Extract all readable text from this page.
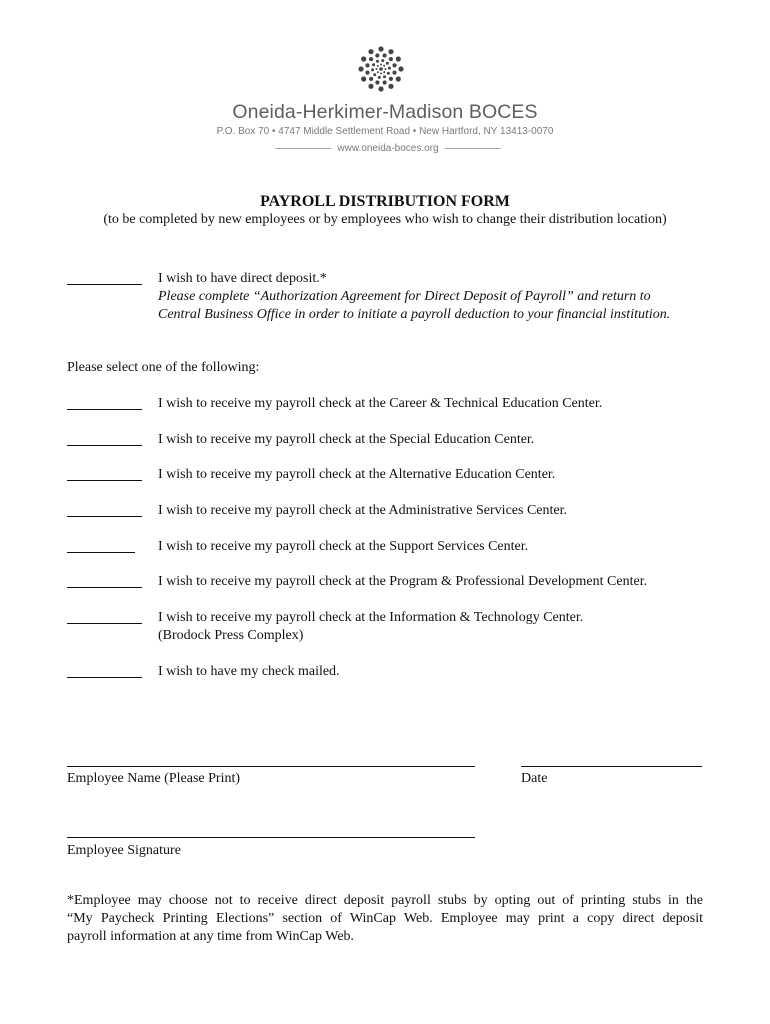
Oneida-Herkimer-Madison BOCES
P.O. Box 70 • 4747 Middle Settlement Road • New Hartford, NY 13413-0070
www.oneida-boces.org
PAYROLL DISTRIBUTION FORM
(to be completed by new employees or by employees who wish to change their distribution location)
I wish to have direct deposit.*
Please complete “Authorization Agreement for Direct Deposit of Payroll” and return to
Central Business Office in order to initiate a payroll deduction to your financial institution.
Please select one of the following:
I wish to receive my payroll check at the Career & Technical Education Center.
I wish to receive my payroll check at the Special Education Center.
I wish to receive my payroll check at the Alternative Education Center.
I wish to receive my payroll check at the Administrative Services Center.
I wish to receive my payroll check at the Support Services Center.
I wish to receive my payroll check at the Program & Professional Development Center.
I wish to receive my payroll check at the Information & Technology Center.
(Brodock Press Complex)
I wish to have my check mailed.
Employee Name (Please Print)	Date
Employee Signature
*Employee may choose not to receive direct deposit payroll stubs by opting out of printing stubs in the
“My Paycheck Printing Elections” section of WinCap Web. Employee may print a copy direct deposit
payroll information at any time from WinCap Web.
